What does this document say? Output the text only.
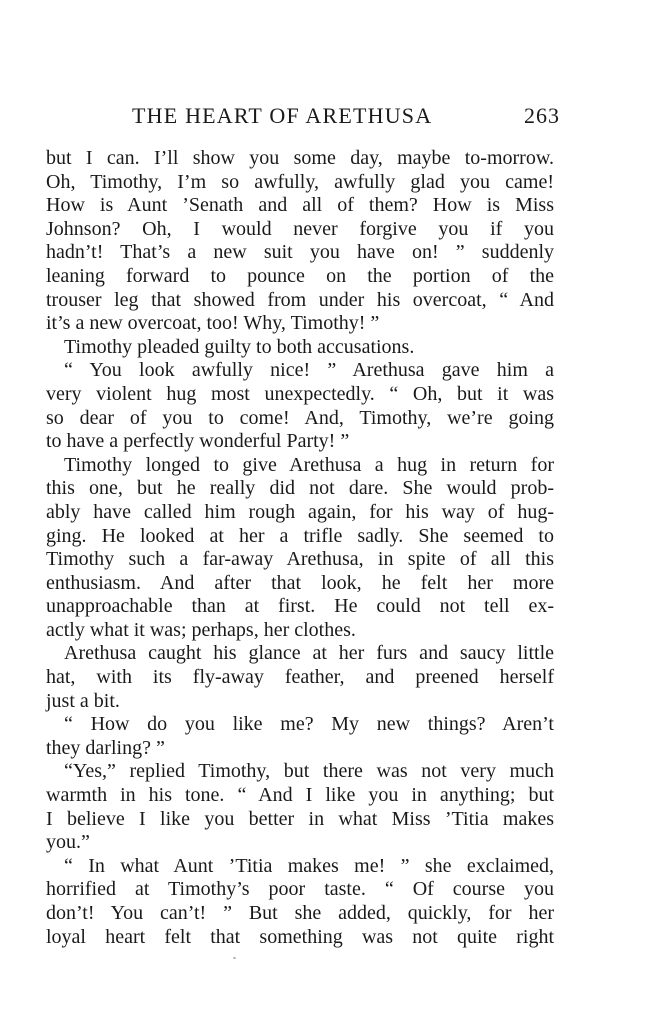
THE HEART OF ARETHUSA	263
but I can. I’ll show you some day, maybe to-morrow.
Oh, Timothy, I’m so awfully, awfully glad you came!
How is Aunt ’Senath and all of them? How is Miss
Johnson? Oh, I would never forgive you if you
hadn’t! That’s a new suit you have on! ” suddenly
leaning forward to pounce on the portion of the
trouser leg that showed from under his overcoat, “ And
it’s a new overcoat, too! Why, Timothy! ”
Timothy pleaded guilty to both accusations.
“ You look awfully nice! ” Arethusa gave him a
very violent hug most unexpectedly. “ Oh, but it was
so dear of you to come! And, Timothy, we’re going
to have a perfectly wonderful Party! ”
Timothy longed to give Arethusa a hug in return for
this one, but he really did not dare. She would prob-
ably have called him rough again, for his way of hug-
ging. He looked at her a trifle sadly. She seemed to
Timothy such a far-away Arethusa, in spite of all this
enthusiasm. And after that look, he felt her more
unapproachable than at first. He could not tell ex-
actly what it was; perhaps, her clothes.
Arethusa caught his glance at her furs and saucy little
hat, with its fly-away feather, and preened herself
just a bit.
“ How do you like me? My new things? Aren’t
they darling? ”
“Yes,” replied Timothy, but there was not very much
warmth in his tone. “ And I like you in anything; but
I believe I like you better in what Miss ’Titia makes
you.”
“ In what Aunt ’Titia makes me! ” she exclaimed,
horrified at Timothy’s poor taste. “ Of course you
don’t! You can’t! ” But she added, quickly, for her
loyal heart felt that something was not quite right
